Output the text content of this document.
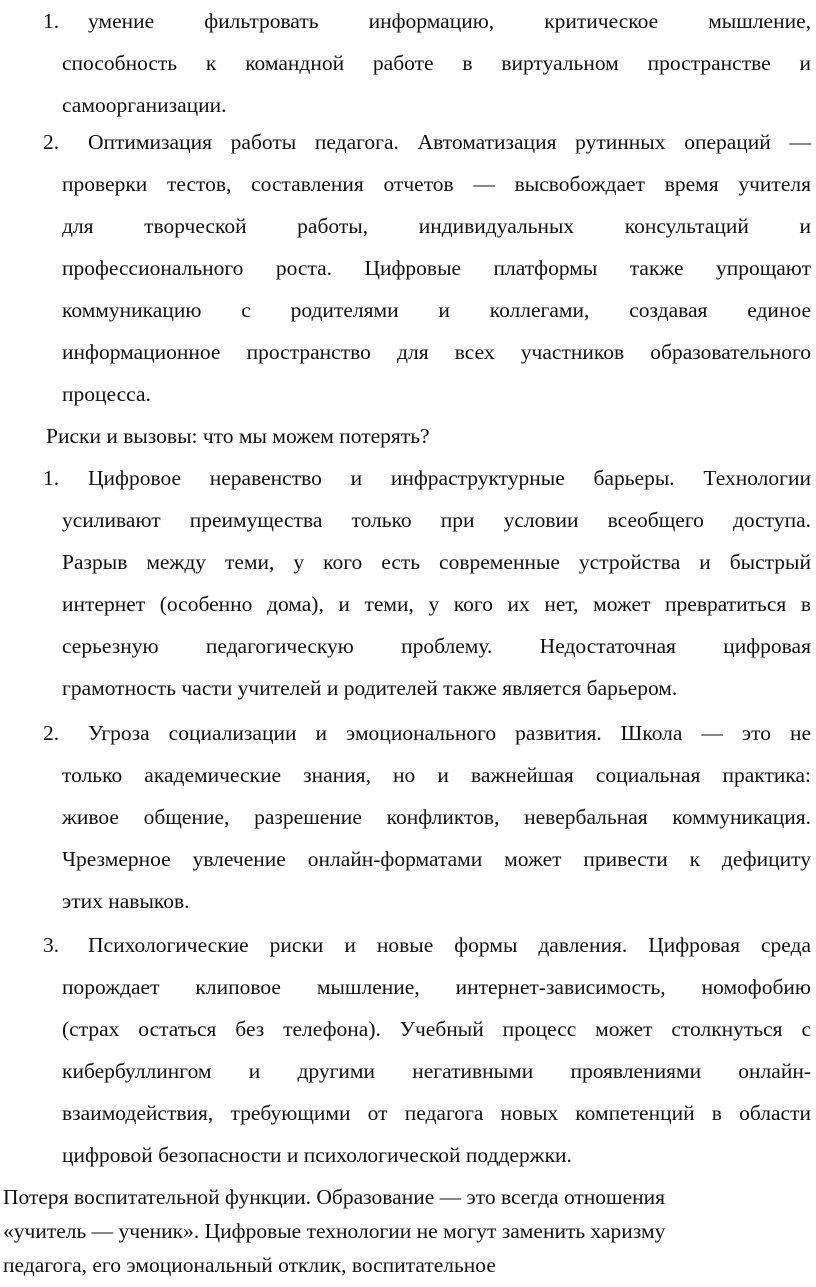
1.	умение фильтровать информацию, критическое мышление,
способность к командной работе в виртуальном пространстве и
самоорганизации.
2.	Оптимизация работы педагога. Автоматизация рутинных операций —
проверки тестов, составления отчетов — высвобождает время учителя
для творческой работы, индивидуальных консультаций и
профессионального роста. Цифровые платформы также упрощают
коммуникацию с родителями и коллегами, создавая единое
информационное пространство для всех участников образовательного
процесса.
Риски и вызовы: что мы можем потерять?
1.	Цифровое неравенство и инфраструктурные барьеры. Технологии
усиливают преимущества только при условии всеобщего доступа.
Разрыв между теми, у кого есть современные устройства и быстрый
интернет (особенно дома), и теми, у кого их нет, может превратиться в
серьезную педагогическую проблему. Недостаточная цифровая
грамотность части учителей и родителей также является барьером.
2.	Угроза социализации и эмоционального развития. Школа — это не
только академические знания, но и важнейшая социальная практика:
живое общение, разрешение конфликтов, невербальная коммуникация.
Чрезмерное увлечение онлайн-форматами может привести к дефициту
этих навыков.
3.	Психологические риски и новые формы давления. Цифровая среда
порождает клиповое мышление, интернет-зависимость, номофобию
(страх остаться без телефона). Учебный процесс может столкнуться с
кибербуллингом и другими негативными проявлениями онлайн-
взаимодействия, требующими от педагога новых компетенций в области
цифровой безопасности и психологической поддержки.
Потеря воспитательной функции. Образование — это всегда отношения
«учитель — ученик». Цифровые технологии не могут заменить харизму
педагога, его эмоциональный отклик, воспитательное
